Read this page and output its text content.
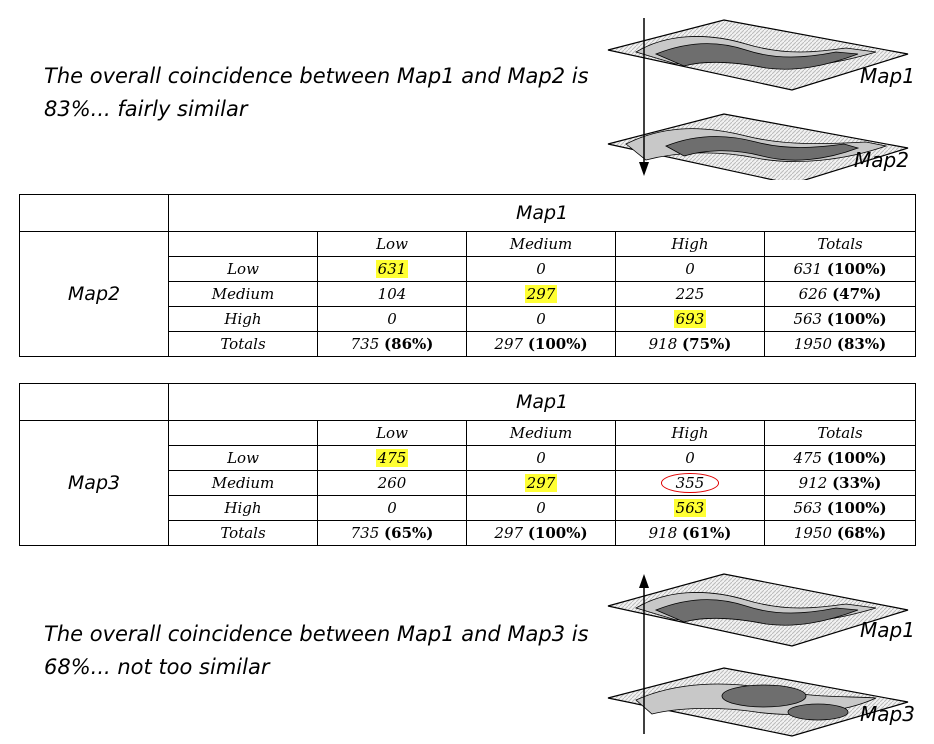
The overall coincidence between Map1 and Map2 is 83%... fairly similar
Map1
Map2
	Map1				
Map2		Low	Medium	High	Totals
	Low	631	0	0	631 (100%)
	Medium	104	297	225	626 (47%)
	High	0	0	693	563 (100%)
	Totals	735 (86%)	297 (100%)	918 (75%)	1950 (83%)
	Map1				
Map3		Low	Medium	High	Totals
	Low	475	0	0	475 (100%)
	Medium	260	297	355	912 (33%)
	High	0	0	563	563 (100%)
	Totals	735 (65%)	297 (100%)	918 (61%)	1950 (68%)
The overall coincidence between Map1 and Map3 is 68%... not too similar
Map1
Map3
